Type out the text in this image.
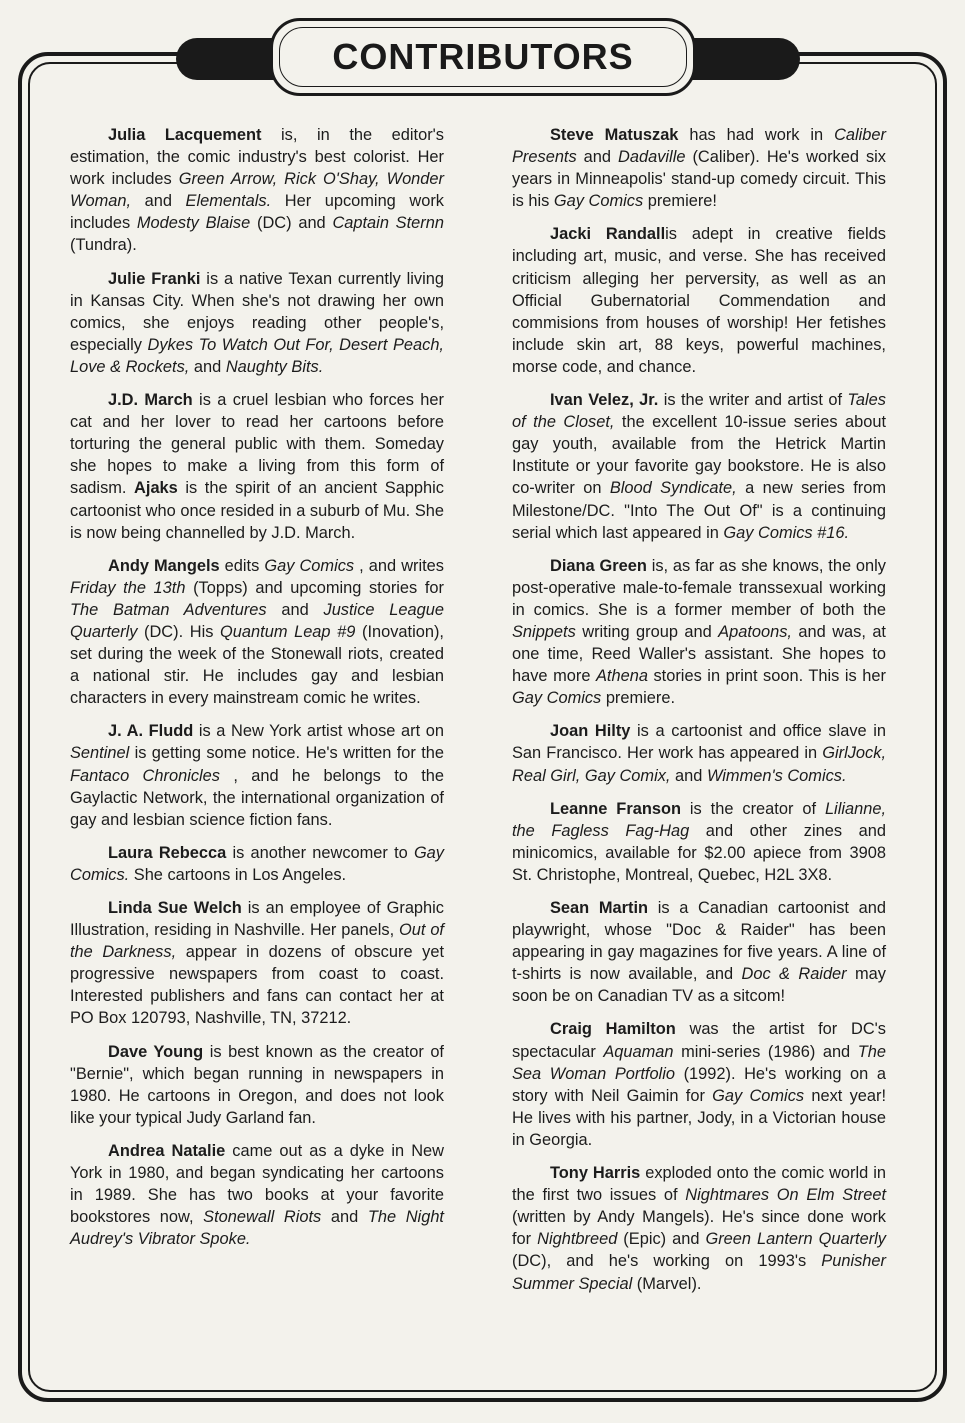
CONTRIBUTORS

Julia Lacquement is, in the editor's estimation, the comic industry's best colorist. Her work includes Green Arrow, Rick O'Shay, Wonder Woman, and Elementals. Her upcoming work includes Modesty Blaise (DC) and Captain Sternn (Tundra).

Julie Franki is a native Texan currently living in Kansas City. When she's not drawing her own comics, she enjoys reading other people's, especially Dykes To Watch Out For, Desert Peach, Love & Rockets, and Naughty Bits.

J.D. March is a cruel lesbian who forces her cat and her lover to read her cartoons before torturing the general public with them. Someday she hopes to make a living from this form of sadism. Ajaks is the spirit of an ancient Sapphic cartoonist who once resided in a suburb of Mu. She is now being channelled by J.D. March.

Andy Mangels edits Gay Comics , and writes Friday the 13th (Topps) and upcoming stories for The Batman Adventures and Justice League Quarterly (DC). His Quantum Leap #9 (Inovation), set during the week of the Stonewall riots, created a national stir. He includes gay and lesbian characters in every mainstream comic he writes.

J. A. Fludd is a New York artist whose art on Sentinel is getting some notice. He's written for the Fantaco Chronicles , and he belongs to the Gaylactic Network, the international organization of gay and lesbian science fiction fans.

Laura Rebecca is another newcomer to Gay Comics. She cartoons in Los Angeles.

Linda Sue Welch is an employee of Graphic Illustration, residing in Nashville. Her panels, Out of the Darkness, appear in dozens of obscure yet progressive newspapers from coast to coast. Interested publishers and fans can contact her at PO Box 120793, Nashville, TN, 37212.

Dave Young is best known as the creator of "Bernie", which began running in newspapers in 1980. He cartoons in Oregon, and does not look like your typical Judy Garland fan.

Andrea Natalie came out as a dyke in New York in 1980, and began syndicating her cartoons in 1989. She has two books at your favorite bookstores now, Stonewall Riots and The Night Audrey's Vibrator Spoke.

Steve Matuszak has had work in Caliber Presents and Dadaville (Caliber). He's worked six years in Minneapolis' stand-up comedy circuit. This is his Gay Comics premiere!

Jacki Randallis adept in creative fields including art, music, and verse. She has received criticism alleging her perversity, as well as an Official Gubernatorial Commendation and commisions from houses of worship! Her fetishes include skin art, 88 keys, powerful machines, morse code, and chance.

Ivan Velez, Jr. is the writer and artist of Tales of the Closet, the excellent 10-issue series about gay youth, available from the Hetrick Martin Institute or your favorite gay bookstore. He is also co-writer on Blood Syndicate, a new series from Milestone/DC. "Into The Out Of" is a continuing serial which last appeared in Gay Comics #16.

Diana Green is, as far as she knows, the only post-operative male-to-female transsexual working in comics. She is a former member of both the Snippets writing group and Apatoons, and was, at one time, Reed Waller's assistant. She hopes to have more Athena stories in print soon. This is her Gay Comics premiere.

Joan Hilty is a cartoonist and office slave in San Francisco. Her work has appeared in GirlJock, Real Girl, Gay Comix, and Wimmen's Comics.

Leanne Franson is the creator of Lilianne, the Fagless Fag-Hag and other zines and minicomics, available for $2.00 apiece from 3908 St. Christophe, Montreal, Quebec, H2L 3X8.

Sean Martin is a Canadian cartoonist and playwright, whose "Doc & Raider" has been appearing in gay magazines for five years. A line of t-shirts is now available, and Doc & Raider may soon be on Canadian TV as a sitcom!

Craig Hamilton was the artist for DC's spectacular Aquaman mini-series (1986) and The Sea Woman Portfolio (1992). He's working on a story with Neil Gaimin for Gay Comics next year! He lives with his partner, Jody, in a Victorian house in Georgia.

Tony Harris exploded onto the comic world in the first two issues of Nightmares On Elm Street (written by Andy Mangels). He's since done work for Nightbreed (Epic) and Green Lantern Quarterly (DC), and he's working on 1993's Punisher Summer Special (Marvel).
